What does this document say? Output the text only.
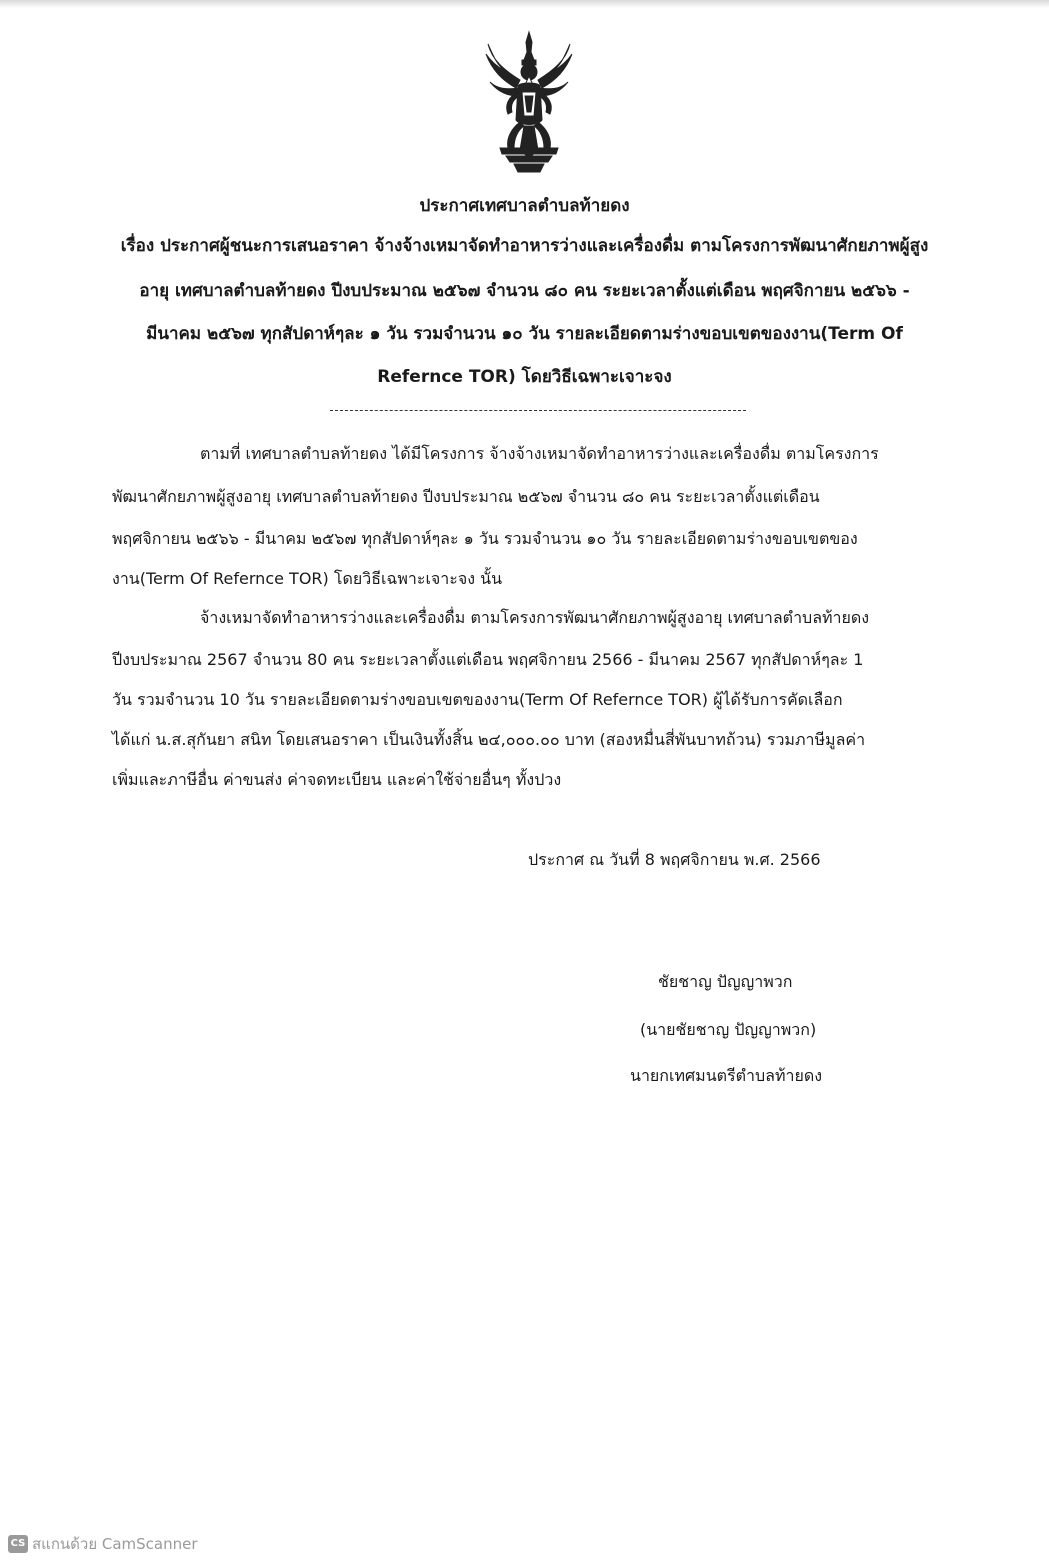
ประกาศเทศบาลตำบลท้ายดง
เรื่อง ประกาศผู้ชนะการเสนอราคา จ้างจ้างเหมาจัดทำอาหารว่างและเครื่องดื่ม ตามโครงการพัฒนาศักยภาพผู้สูง
อายุ เทศบาลตำบลท้ายดง ปีงบประมาณ ๒๕๖๗ จำนวน ๘๐ คน ระยะเวลาตั้งแต่เดือน พฤศจิกายน ๒๕๖๖ -
มีนาคม ๒๕๖๗ ทุกสัปดาห์ๆละ ๑ วัน รวมจำนวน ๑๐ วัน รายละเอียดตามร่างขอบเขตของงาน(Term Of
Refernce TOR) โดยวิธีเฉพาะเจาะจง
ตามที่ เทศบาลตำบลท้ายดง ได้มีโครงการ จ้างจ้างเหมาจัดทำอาหารว่างและเครื่องดื่ม ตามโครงการ
พัฒนาศักยภาพผู้สูงอายุ เทศบาลตำบลท้ายดง ปีงบประมาณ ๒๕๖๗ จำนวน ๘๐ คน ระยะเวลาตั้งแต่เดือน
พฤศจิกายน ๒๕๖๖ - มีนาคม ๒๕๖๗ ทุกสัปดาห์ๆละ ๑ วัน รวมจำนวน ๑๐ วัน รายละเอียดตามร่างขอบเขตของ
งาน(Term Of Refernce TOR) โดยวิธีเฉพาะเจาะจง นั้น
จ้างเหมาจัดทำอาหารว่างและเครื่องดื่ม ตามโครงการพัฒนาศักยภาพผู้สูงอายุ เทศบาลตำบลท้ายดง
ปีงบประมาณ 2567 จำนวน 80 คน ระยะเวลาตั้งแต่เดือน พฤศจิกายน 2566 - มีนาคม 2567 ทุกสัปดาห์ๆละ 1
วัน รวมจำนวน 10 วัน รายละเอียดตามร่างขอบเขตของงาน(Term Of Refernce TOR) ผู้ได้รับการคัดเลือก
ได้แก่ น.ส.สุกันยา สนิท โดยเสนอราคา เป็นเงินทั้งสิ้น ๒๔,๐๐๐.๐๐ บาท (สองหมื่นสี่พันบาทถ้วน) รวมภาษีมูลค่า
เพิ่มและภาษีอื่น ค่าขนส่ง ค่าจดทะเบียน และค่าใช้จ่ายอื่นๆ ทั้งปวง
ประกาศ ณ วันที่ 8 พฤศจิกายน พ.ศ. 2566
ชัยชาญ ปัญญาพวก
(นายชัยชาญ ปัญญาพวก)
นายกเทศมนตรีตำบลท้ายดง
CS สแกนด้วย CamScanner
